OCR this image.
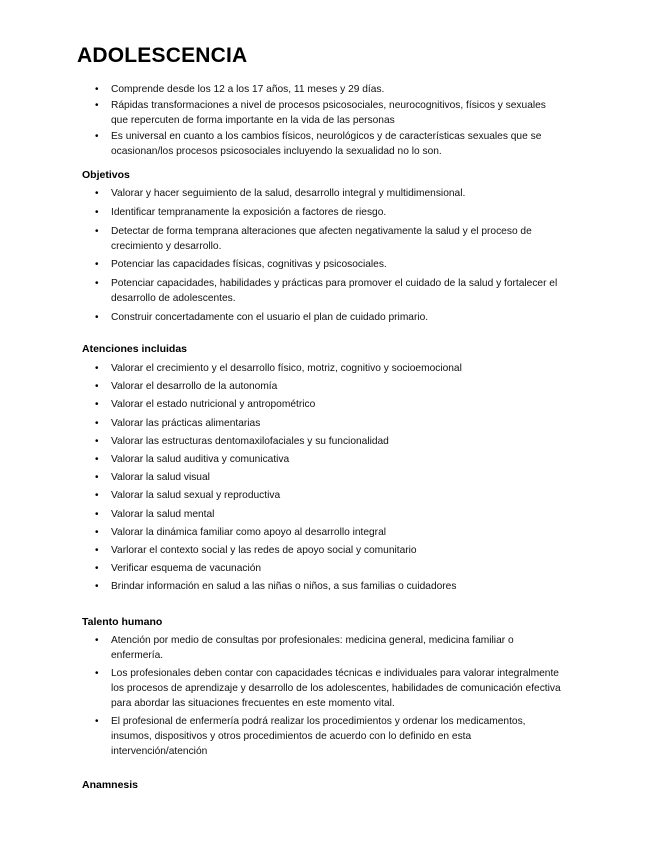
ADOLESCENCIA
• Comprende desde los 12 a los 17 años, 11 meses y 29 días.
• Rápidas transformaciones a nivel de procesos psicosociales, neurocognitivos, físicos y sexuales que repercuten de forma importante en la vida de las personas
• Es universal en cuanto a los cambios físicos, neurológicos y de características sexuales que se ocasionan/los procesos psicosociales incluyendo la sexualidad no lo son.
Objetivos
• Valorar y hacer seguimiento de la salud, desarrollo integral y multidimensional.
• Identificar tempranamente la exposición a factores de riesgo.
• Detectar de forma temprana alteraciones que afecten negativamente la salud y el proceso de crecimiento y desarrollo.
• Potenciar las capacidades físicas, cognitivas y psicosociales.
• Potenciar capacidades, habilidades y prácticas para promover el cuidado de la salud y fortalecer el desarrollo de adolescentes.
• Construir concertadamente con el usuario el plan de cuidado primario.
Atenciones incluidas
• Valorar el crecimiento y el desarrollo físico, motriz, cognitivo y socioemocional
• Valorar el desarrollo de la autonomía
• Valorar el estado nutricional y antropométrico
• Valorar las prácticas alimentarias
• Valorar las estructuras dentomaxilofaciales y su funcionalidad
• Valorar la salud auditiva y comunicativa
• Valorar la salud visual
• Valorar la salud sexual y reproductiva
• Valorar la salud mental
• Valorar la dinámica familiar como apoyo al desarrollo integral
• Varlorar el contexto social y las redes de apoyo social y comunitario
• Verificar esquema de vacunación
• Brindar información en salud a las niñas o niños, a sus familias o cuidadores
Talento humano
• Atención por medio de consultas por profesionales: medicina general, medicina familiar o enfermería.
• Los profesionales deben contar con capacidades técnicas e individuales para valorar integralmente los procesos de aprendizaje y desarrollo de los adolescentes, habilidades de comunicación efectiva para abordar las situaciones frecuentes en este momento vital.
• El profesional de enfermería podrá realizar los procedimientos y ordenar los medicamentos, insumos, dispositivos y otros procedimientos de acuerdo con lo definido en esta intervención/atención
Anamnesis
